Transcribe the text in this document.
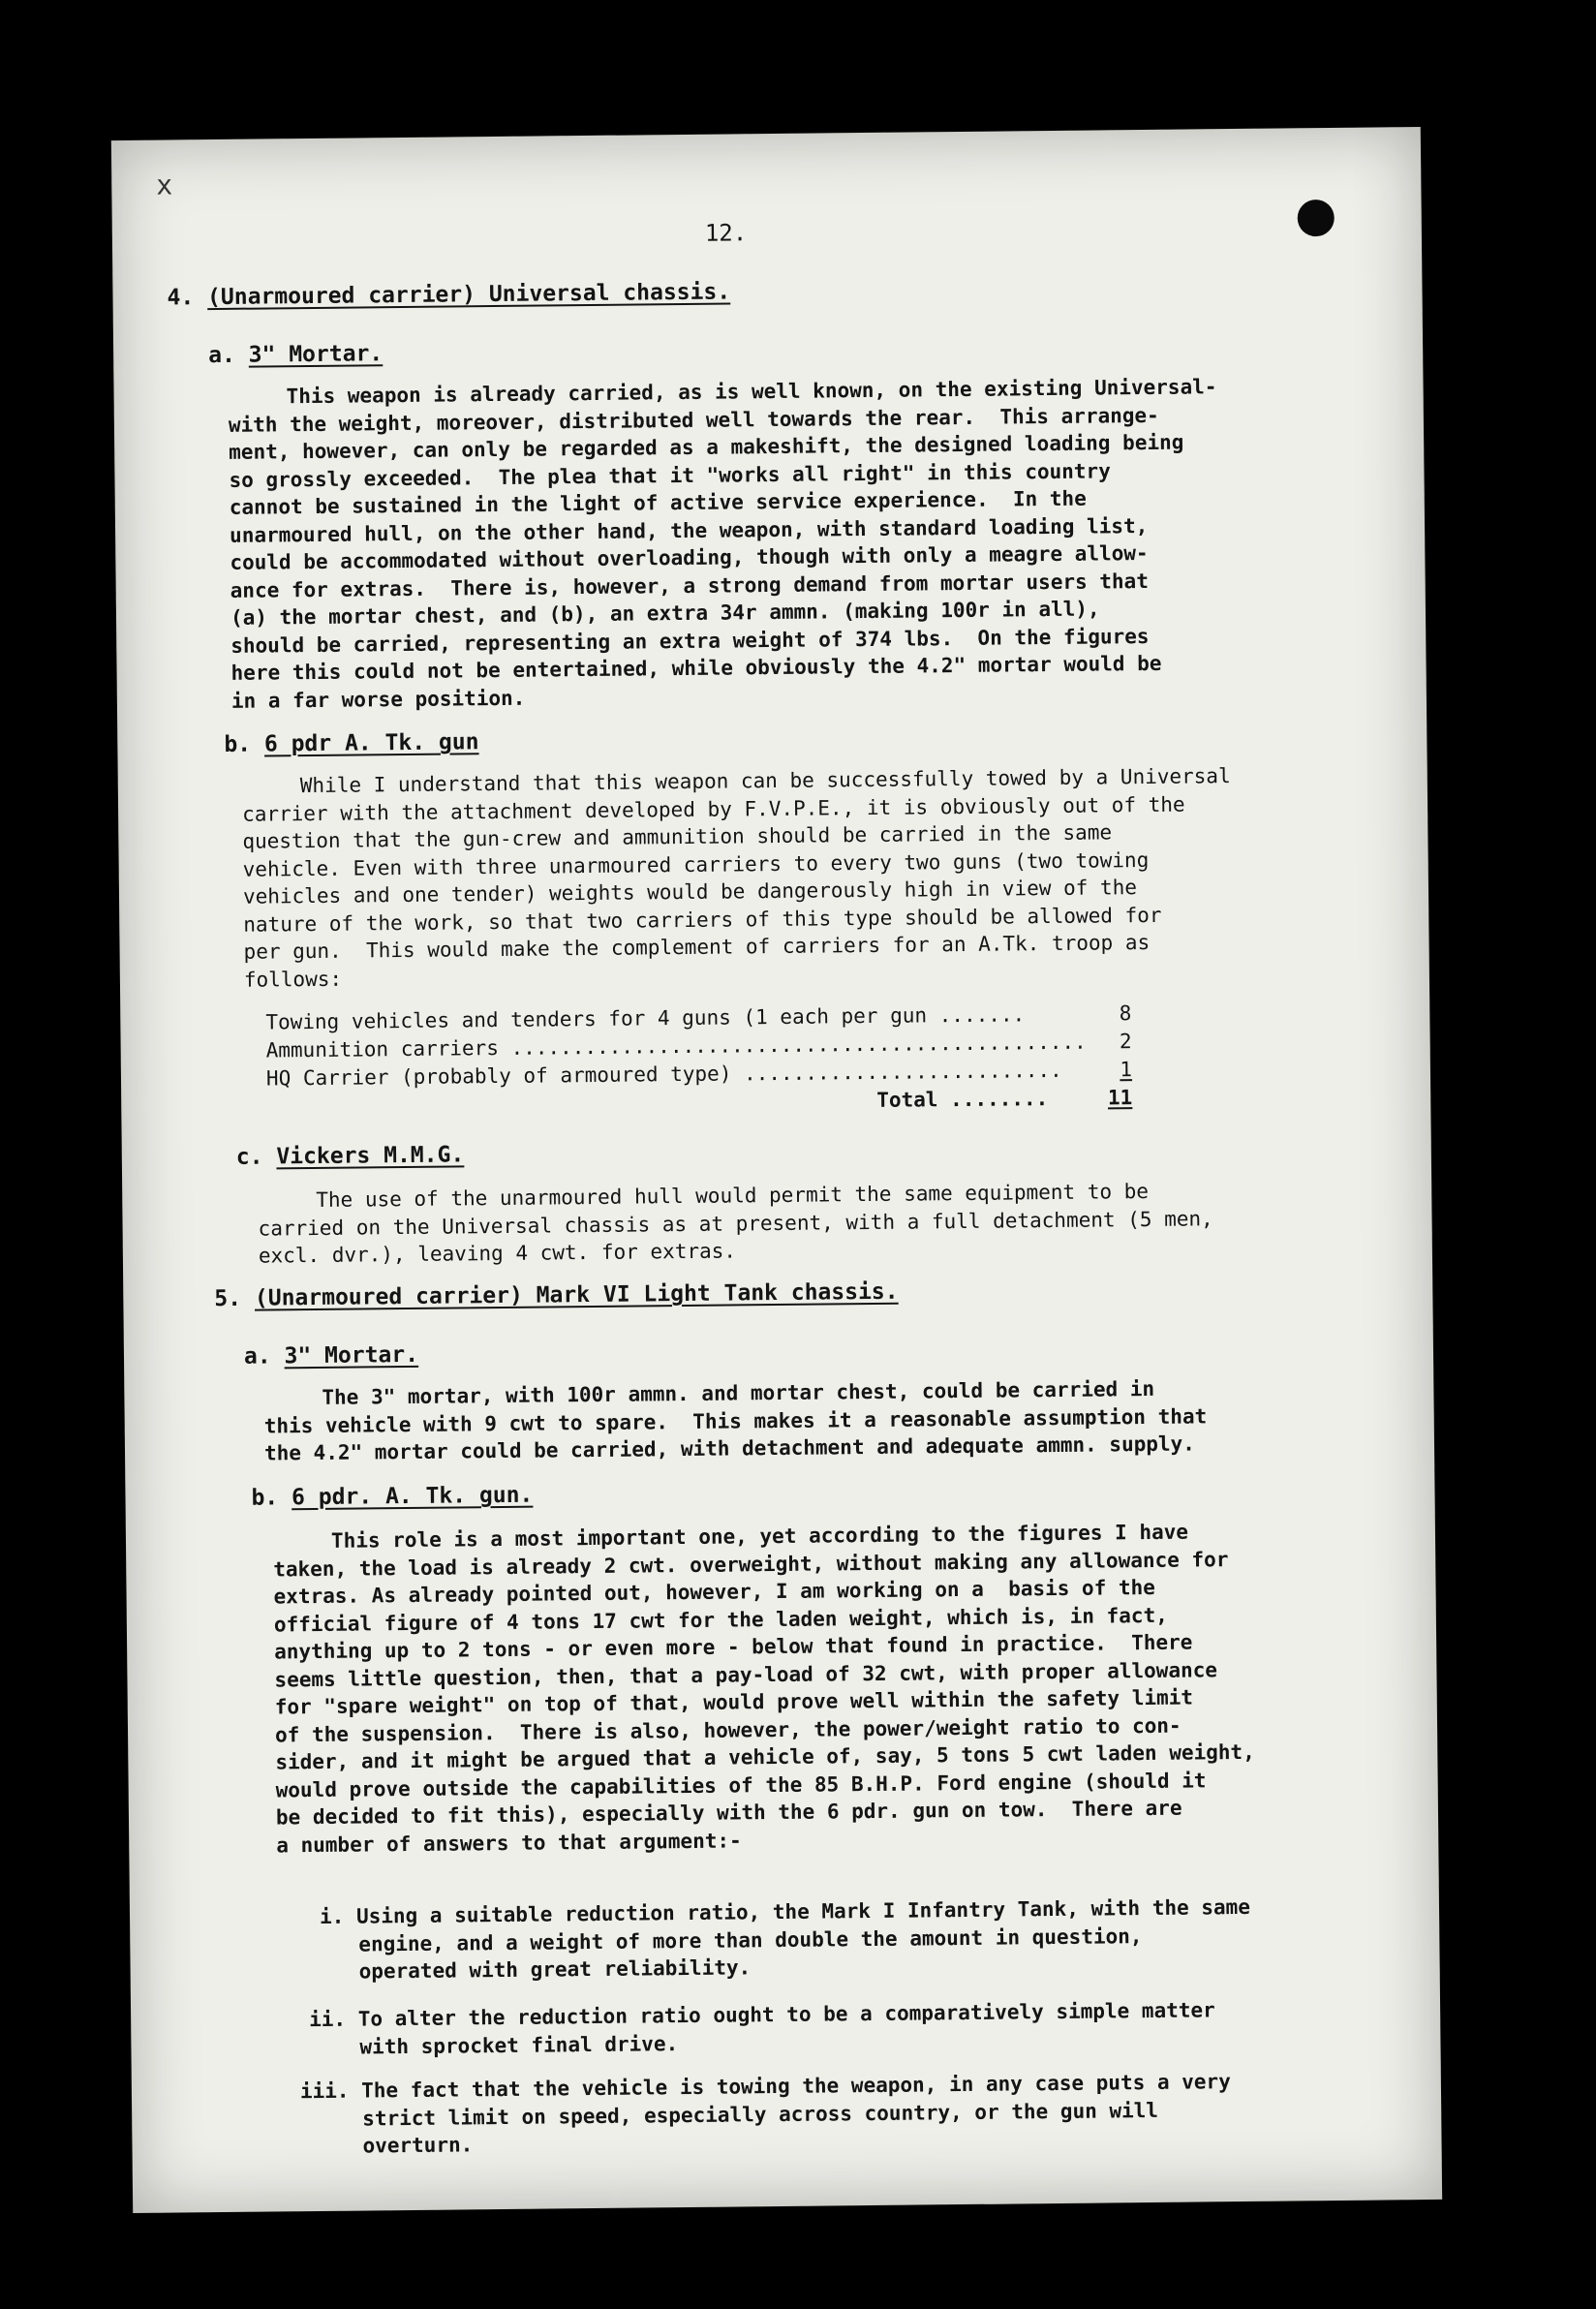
x
12.
4. (Unarmoured carrier) Universal chassis.
a. 3" Mortar.
This weapon is already carried, as is well known, on the existing Universal-
with the weight, moreover, distributed well towards the rear.  This arrange-
ment, however, can only be regarded as a makeshift, the designed loading being
so grossly exceeded.  The plea that it "works all right" in this country
cannot be sustained in the light of active service experience.  In the
unarmoured hull, on the other hand, the weapon, with standard loading list,
could be accommodated without overloading, though with only a meagre allow-
ance for extras.  There is, however, a strong demand from mortar users that
(a) the mortar chest, and (b), an extra 34r ammn. (making 100r in all),
should be carried, representing an extra weight of 374 lbs.  On the figures
here this could not be entertained, while obviously the 4.2" mortar would be
in a far worse position.
b. 6 pdr A. Tk. gun
While I understand that this weapon can be successfully towed by a Universal
carrier with the attachment developed by F.V.P.E., it is obviously out of the
question that the gun-crew and ammunition should be carried in the same
vehicle. Even with three unarmoured carriers to every two guns (two towing
vehicles and one tender) weights would be dangerously high in view of the
nature of the work, so that two carriers of this type should be allowed for
per gun.  This would make the complement of carriers for an A.Tk. troop as
follows:
Towing vehicles and tenders for 4 guns (1 each per gun .......	8
Ammunition carriers ...............................................	2
HQ Carrier (probably of armoured type) ..........................	1
Total ........	11
c. Vickers M.M.G.
The use of the unarmoured hull would permit the same equipment to be
carried on the Universal chassis as at present, with a full detachment (5 men,
excl. dvr.), leaving 4 cwt. for extras.
5. (Unarmoured carrier) Mark VI Light Tank chassis.
a. 3" Mortar.
The 3" mortar, with 100r ammn. and mortar chest, could be carried in
this vehicle with 9 cwt to spare.  This makes it a reasonable assumption that
the 4.2" mortar could be carried, with detachment and adequate ammn. supply.
b. 6 pdr. A. Tk. gun.
This role is a most important one, yet according to the figures I have
taken, the load is already 2 cwt. overweight, without making any allowance for
extras. As already pointed out, however, I am working on a  basis of the
official figure of 4 tons 17 cwt for the laden weight, which is, in fact,
anything up to 2 tons - or even more - below that found in practice.  There
seems little question, then, that a pay-load of 32 cwt, with proper allowance
for "spare weight" on top of that, would prove well within the safety limit
of the suspension.  There is also, however, the power/weight ratio to con-
sider, and it might be argued that a vehicle of, say, 5 tons 5 cwt laden weight,
would prove outside the capabilities of the 85 B.H.P. Ford engine (should it
be decided to fit this), especially with the 6 pdr. gun on tow.  There are
a number of answers to that argument:-
i. Using a suitable reduction ratio, the Mark I Infantry Tank, with the same
engine, and a weight of more than double the amount in question,
operated with great reliability.
ii. To alter the reduction ratio ought to be a comparatively simple matter
with sprocket final drive.
iii. The fact that the vehicle is towing the weapon, in any case puts a very
strict limit on speed, especially across country, or the gun will
overturn.
